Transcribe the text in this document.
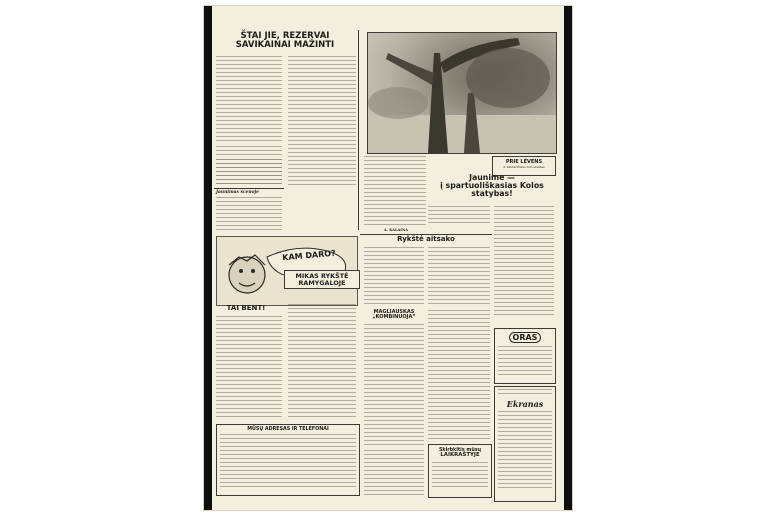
ŠTAI JIE, REZERVAI
SAVIKAINAI MAŽINTI
Jaunimas scenoje
PRIE LĖVENS
P. Tautavičiaus foto etiudas
A. KALAINA
Jaunime —
į spartuoliškasias Kolos
statybas!
Rykštė aitsako
KAM DARO?
TAI BENT!
MIKAS RYKŠTĖ
RAMYGALOJE
MAGLIAUSKAS
„KOMBINUOJA“
ORAS
Ekranas
MŪSŲ ADRESAS IR TELEFONAI
Skirbkitis mūsų
LAIKRAŠTYJE
